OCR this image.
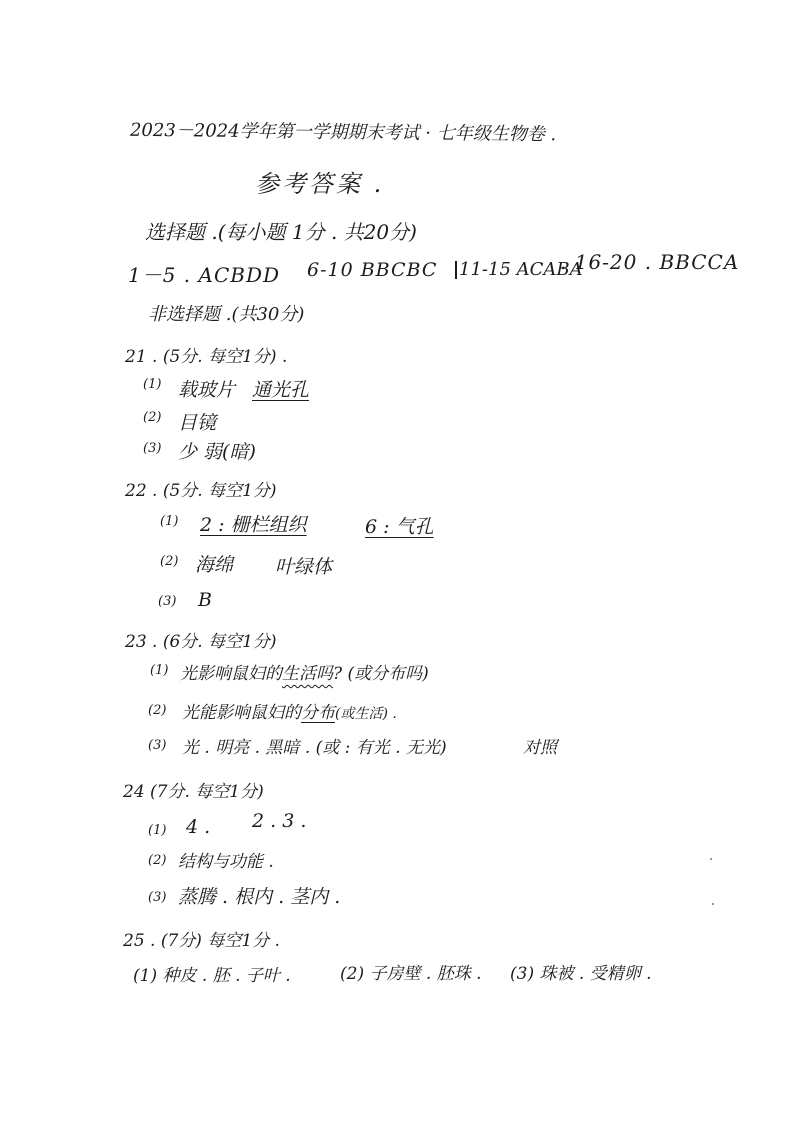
2023－2024学年第一学期期末考试 · 七年级生物卷 .
参考答案 .
选择题 .(每小题 1分 . 共20分)
1－5 . ACBDD 6-10 BBCBC 11-15 ACABA
. 16-20 . BBCCA
非选择题 .(共30分)
21 . (5分. 每空1分) .
(1) 载玻片 通光孔
(2) 目镜
(3) 少 弱(暗)
22 . (5分. 每空1分)
(1) 2 : 栅栏组织	6 : 气孔
(2) 海绵 叶绿体
(3) B
23 . (6分. 每空1分)
(1) 光影响鼠妇的生活吗? (或分布吗)
(2) 光能影响鼠妇的分布(或生活) .
(3) 光 . 明亮 . 黑暗 . (或 : 有光 . 无光)	对照
24 (7分. 每空1分)
(1) 4 . 2 . 3 .
(2) 结构与功能 .
(3) 蒸腾 . 根内 . 茎内 .
25 . (7分) 每空1分 .
(1) 种皮 . 胚 . 子叶 .	(2) 子房壁 . 胚珠 . (3) 珠被 . 受精卵 .
